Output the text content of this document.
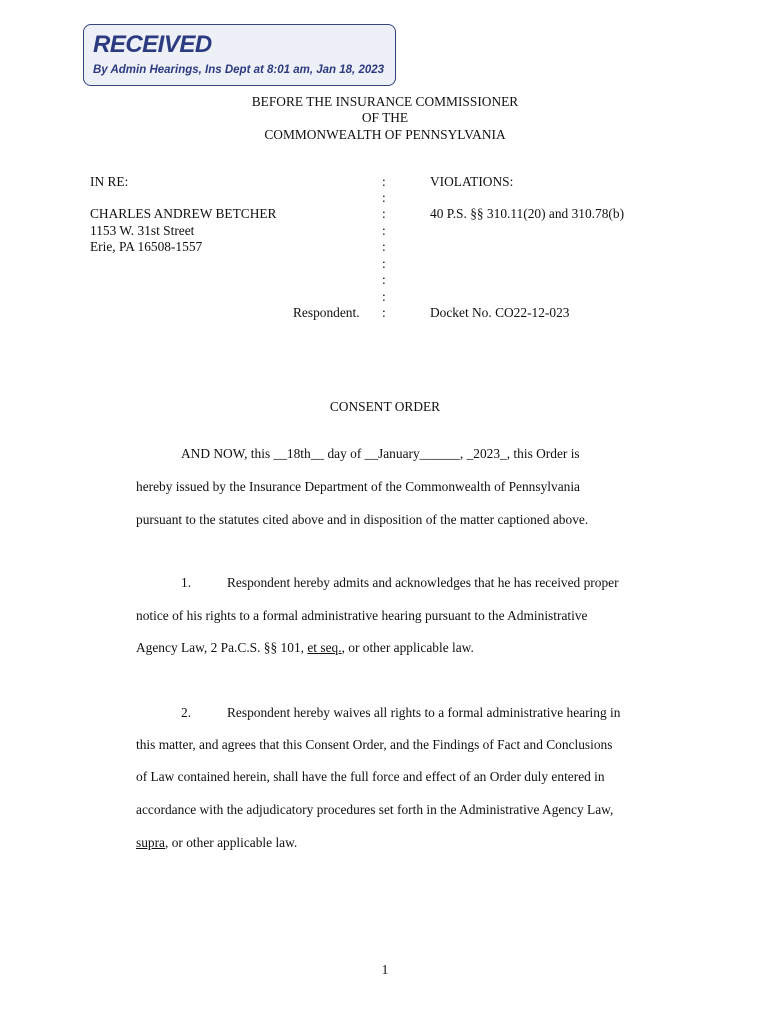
RECEIVED
By Admin Hearings, Ins Dept at 8:01 am, Jan 18, 2023
BEFORE THE INSURANCE COMMISSIONER
OF THE
COMMONWEALTH OF PENNSYLVANIA
IN RE:
CHARLES ANDREW BETCHER
1153 W. 31st Street
Erie, PA 16508-1557
Respondent.
:
:
:
:
:
:
:
:
:
VIOLATIONS:
40 P.S. §§ 310.11(20) and 310.78(b)
Docket No. CO22-12-023
CONSENT ORDER
AND NOW, this __18th__ day of __January______, _2023_, this Order is
hereby issued by the Insurance Department of the Commonwealth of Pennsylvania
pursuant to the statutes cited above and in disposition of the matter captioned above.
1.	Respondent hereby admits and acknowledges that he has received proper
notice of his rights to a formal administrative hearing pursuant to the Administrative
Agency Law, 2 Pa.C.S. §§ 101, et seq., or other applicable law.
2.	Respondent hereby waives all rights to a formal administrative hearing in
this matter, and agrees that this Consent Order, and the Findings of Fact and Conclusions
of Law contained herein, shall have the full force and effect of an Order duly entered in
accordance with the adjudicatory procedures set forth in the Administrative Agency Law,
supra, or other applicable law.
1
